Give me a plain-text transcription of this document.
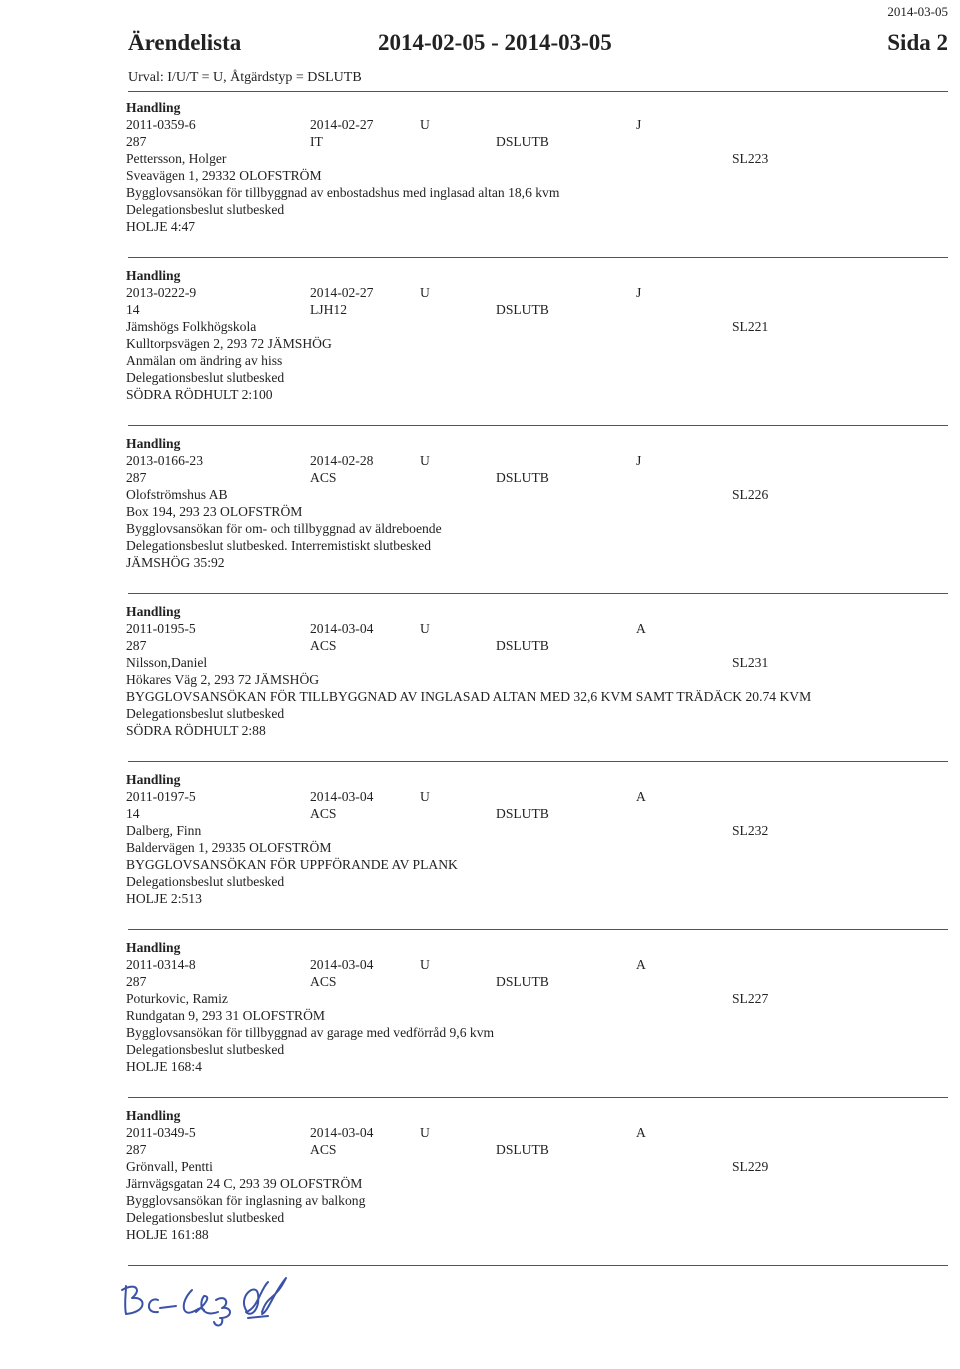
2014-03-05
Ärendelista	2014-02-05 - 2014-03-05	Sida 2
Urval: I/U/T = U, Åtgärdstyp = DSLUTB
Handling
2011-0359-6	2014-02-27	U	J
287	IT	DSLUTB
Pettersson, Holger	SL223
Sveavägen 1, 29332 OLOFSTRÖM
Bygglovsansökan för tillbyggnad av enbostadshus med inglasad altan 18,6 kvm
Delegationsbeslut slutbesked
HOLJE 4:47
Handling
2013-0222-9	2014-02-27	U	J
14	LJH12	DSLUTB
Jämshögs Folkhögskola	SL221
Kulltorpsvägen 2, 293 72 JÄMSHÖG
Anmälan om ändring av hiss
Delegationsbeslut slutbesked
SÖDRA RÖDHULT 2:100
Handling
2013-0166-23	2014-02-28	U	J
287	ACS	DSLUTB
Olofströmshus AB	SL226
Box 194, 293 23 OLOFSTRÖM
Bygglovsansökan för om- och tillbyggnad av äldreboende
Delegationsbeslut slutbesked. Interremistiskt slutbesked
JÄMSHÖG 35:92
Handling
2011-0195-5	2014-03-04	U	A
287	ACS	DSLUTB
Nilsson,Daniel	SL231
Hökares Väg 2, 293 72 JÄMSHÖG
BYGGLOVSANSÖKAN FÖR TILLBYGGNAD AV INGLASAD ALTAN MED 32,6 KVM SAMT TRÄDÄCK 20.74 KVM
Delegationsbeslut slutbesked
SÖDRA RÖDHULT 2:88
Handling
2011-0197-5	2014-03-04	U	A
14	ACS	DSLUTB
Dalberg, Finn	SL232
Baldervägen 1, 29335 OLOFSTRÖM
BYGGLOVSANSÖKAN FÖR UPPFÖRANDE AV PLANK
Delegationsbeslut slutbesked
HOLJE 2:513
Handling
2011-0314-8	2014-03-04	U	A
287	ACS	DSLUTB
Poturkovic, Ramiz	SL227
Rundgatan 9, 293 31 OLOFSTRÖM
Bygglovsansökan för tillbyggnad av garage med vedförråd 9,6 kvm
Delegationsbeslut slutbesked
HOLJE 168:4
Handling
2011-0349-5	2014-03-04	U	A
287	ACS	DSLUTB
Grönvall, Pentti	SL229
Järnvägsgatan 24 C, 293 39 OLOFSTRÖM
Bygglovsansökan för inglasning av balkong
Delegationsbeslut slutbesked
HOLJE 161:88
